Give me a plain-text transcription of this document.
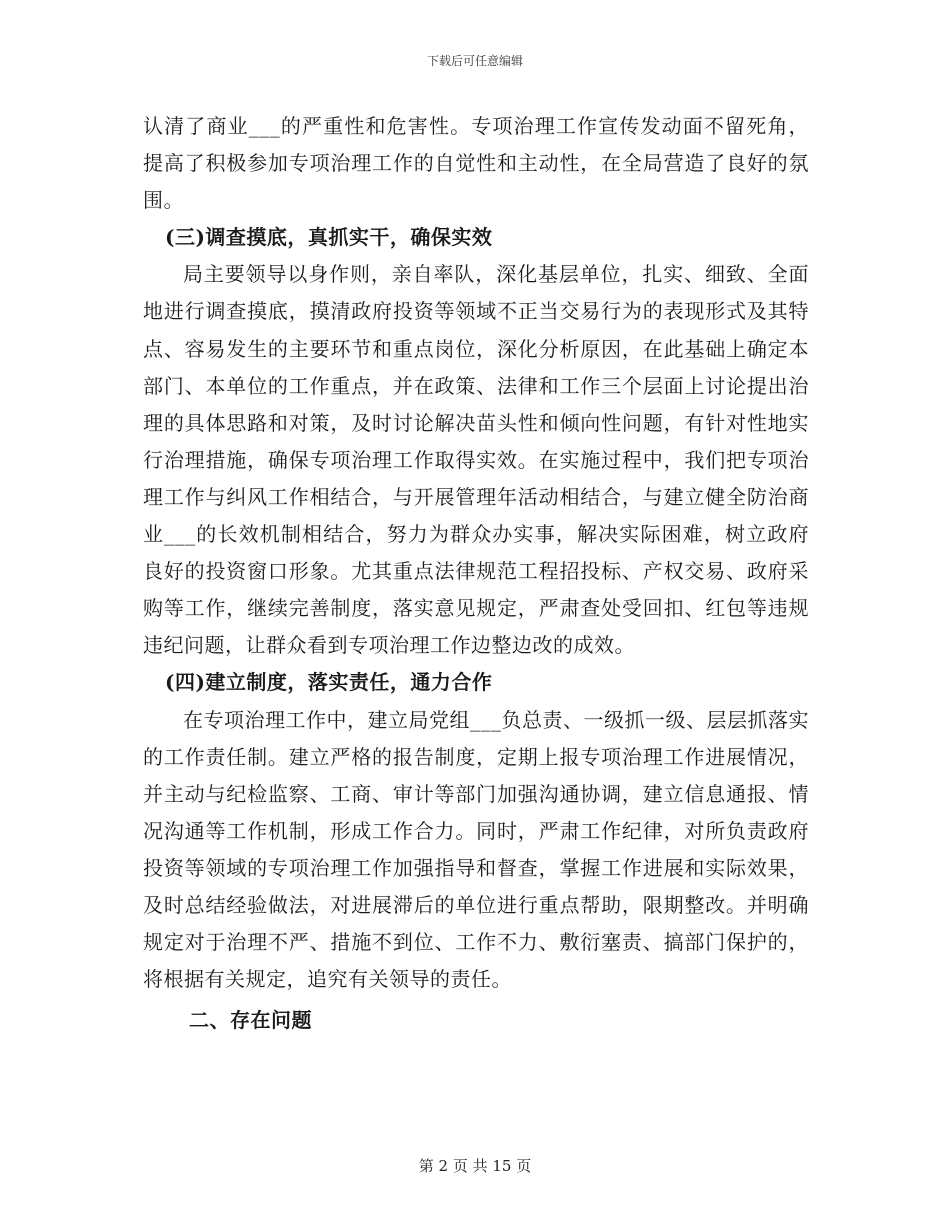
下载后可任意编辑

认清了商业___的严重性和危害性。专项治理工作宣传发动面不留死角，提高了积极参加专项治理工作的自觉性和主动性，在全局营造了良好的氛围。

(三)调查摸底，真抓实干，确保实效

局主要领导以身作则，亲自率队，深化基层单位，扎实、细致、全面地进行调查摸底，摸清政府投资等领域不正当交易行为的表现形式及其特点、容易发生的主要环节和重点岗位，深化分析原因，在此基础上确定本部门、本单位的工作重点，并在政策、法律和工作三个层面上讨论提出治理的具体思路和对策，及时讨论解决苗头性和倾向性问题，有针对性地实行治理措施，确保专项治理工作取得实效。在实施过程中，我们把专项治理工作与纠风工作相结合，与开展管理年活动相结合，与建立健全防治商业___的长效机制相结合，努力为群众办实事，解决实际困难，树立政府良好的投资窗口形象。尤其重点法律规范工程招投标、产权交易、政府采购等工作，继续完善制度，落实意见规定，严肃查处受回扣、红包等违规违纪问题，让群众看到专项治理工作边整边改的成效。

(四)建立制度，落实责任，通力合作

在专项治理工作中，建立局党组___负总责、一级抓一级、层层抓落实的工作责任制。建立严格的报告制度，定期上报专项治理工作进展情况，并主动与纪检监察、工商、审计等部门加强沟通协调，建立信息通报、情况沟通等工作机制，形成工作合力。同时，严肃工作纪律，对所负责政府投资等领域的专项治理工作加强指导和督查，掌握工作进展和实际效果，及时总结经验做法，对进展滞后的单位进行重点帮助，限期整改。并明确规定对于治理不严、措施不到位、工作不力、敷衍塞责、搞部门保护的，将根据有关规定，追究有关领导的责任。

二、存在问题

第 2 页 共 15 页
